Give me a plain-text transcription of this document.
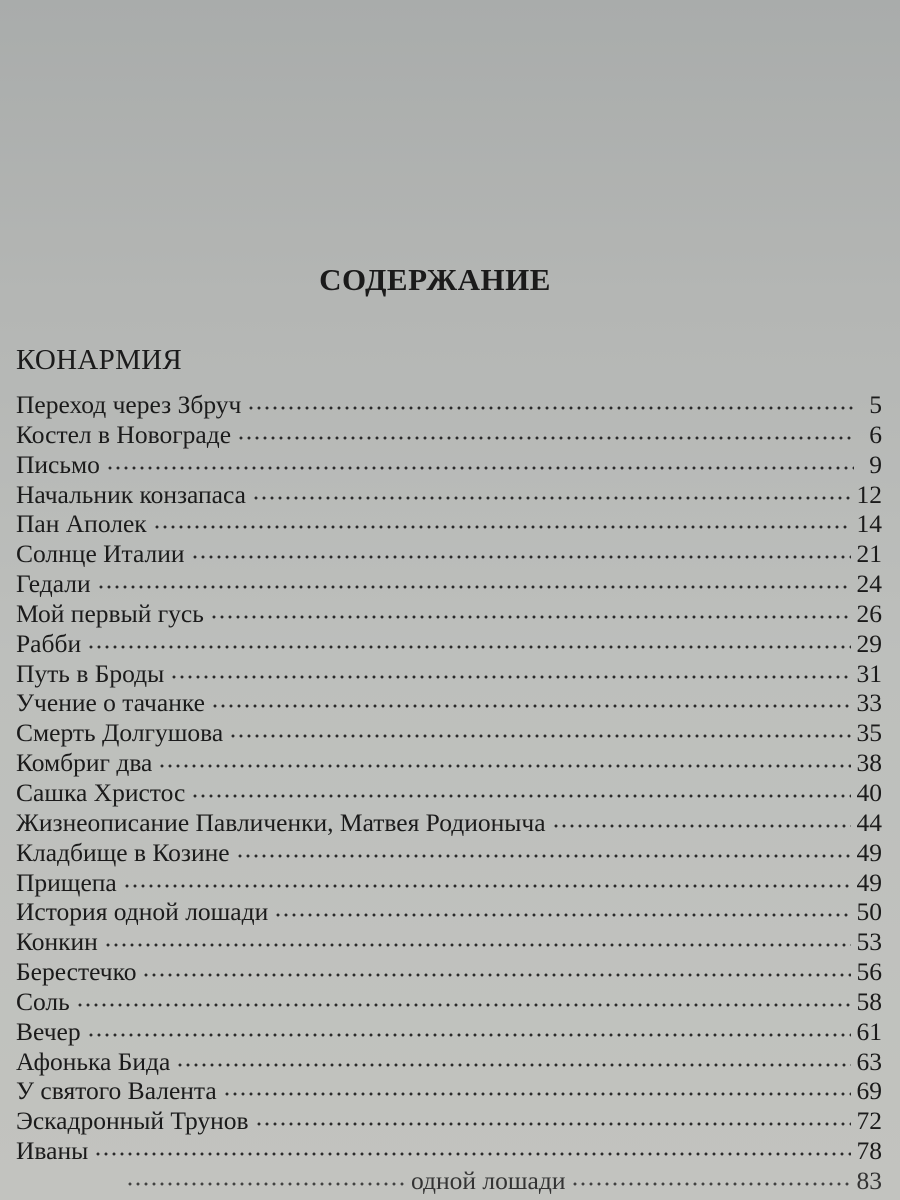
СОДЕРЖАНИЕ
КОНАРМИЯ
Переход через Збруч	5
Костел в Новограде	6
Письмо	9
Начальник конзапаса	12
Пан Аполек	14
Солнце Италии	21
Гедали	24
Мой первый гусь	26
Рабби	29
Путь в Броды	31
Учение о тачанке	33
Смерть Долгушова	35
Комбриг два	38
Сашка Христос	40
Жизнеописание Павличенки, Матвея Родионыча	44
Кладбище в Козине	49
Прищепа	49
История одной лошади	50
Конкин	53
Берестечко	56
Соль	58
Вечер	61
Афонька Бида	63
У святого Валента	69
Эскадронный Трунов	72
Иваны	78
одной лошади	83
